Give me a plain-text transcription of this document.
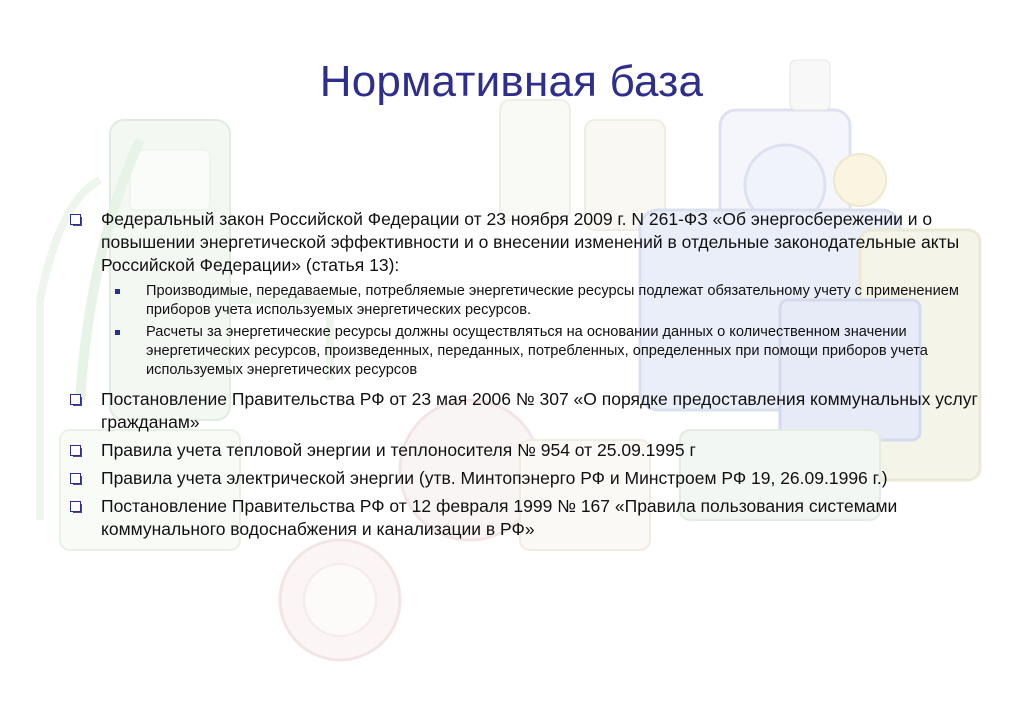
Нормативная база
Федеральный закон Российской Федерации от 23 ноября 2009 г. N 261-ФЗ «Об энергосбережении и о повышении энергетической эффективности и о внесении изменений в отдельные законодательные акты Российской Федерации» (статья 13):
Производимые, передаваемые, потребляемые энергетические ресурсы подлежат обязательному учету с применением приборов учета используемых энергетических ресурсов.
Расчеты за энергетические ресурсы должны осуществляться на основании данных о количественном значении энергетических ресурсов, произведенных, переданных, потребленных, определенных при помощи приборов учета используемых энергетических ресурсов
Постановление Правительства РФ от 23 мая 2006 № 307 «О порядке предоставления коммунальных услуг гражданам»
Правила учета тепловой энергии и теплоносителя № 954 от 25.09.1995 г
Правила учета электрической энергии (утв. Минтопэнерго РФ и Минстроем РФ 19, 26.09.1996 г.)
Постановление Правительства РФ от 12 февраля 1999 № 167 «Правила пользования системами коммунального водоснабжения и канализации в РФ»
